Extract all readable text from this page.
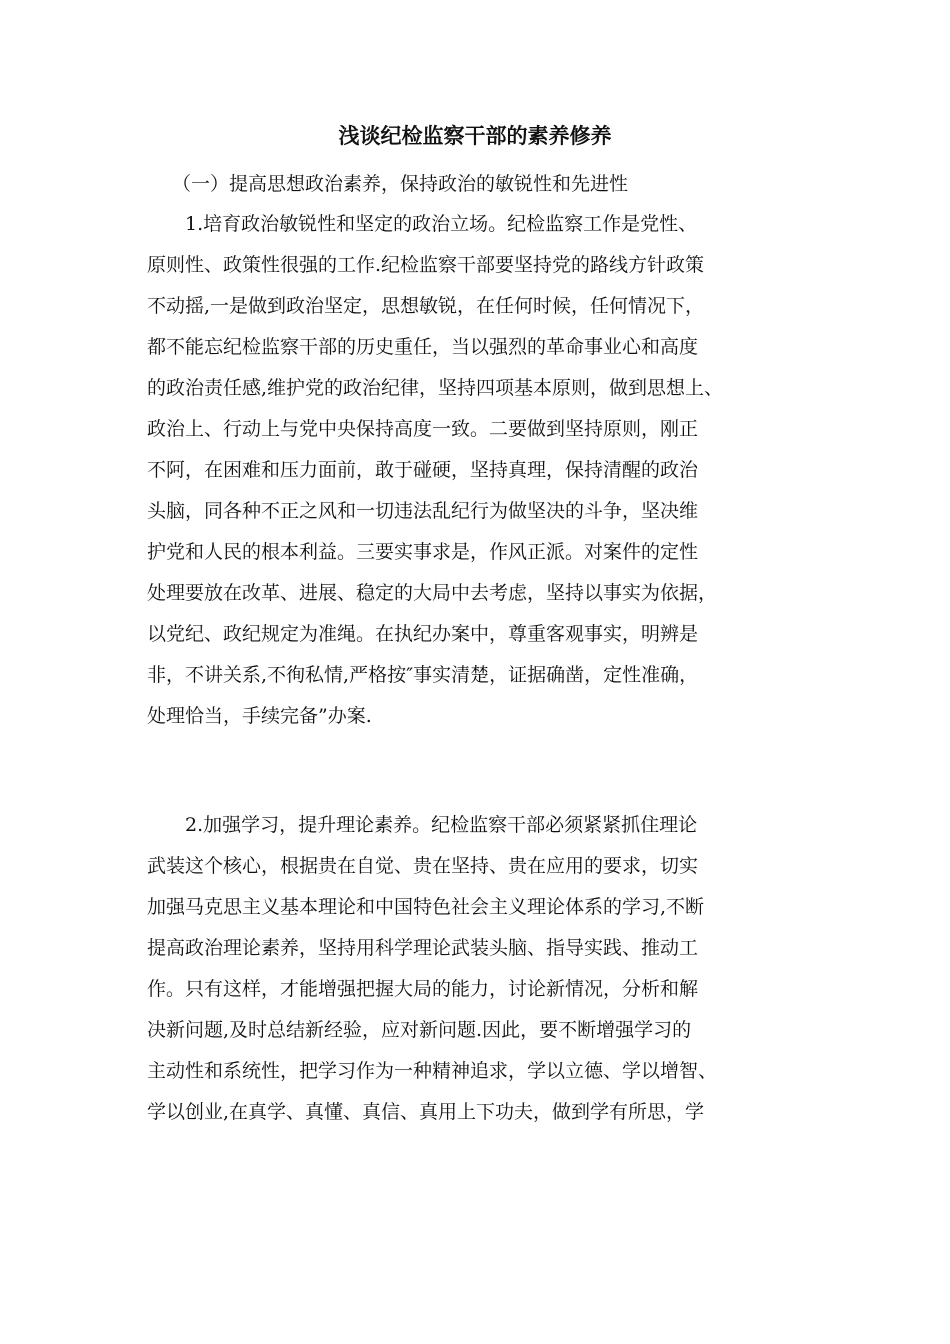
浅谈纪检监察干部的素养修养

（一）提高思想政治素养，保持政治的敏锐性和先进性

1.培育政治敏锐性和坚定的政治立场。纪检监察工作是党性、
原则性、政策性很强的工作.纪检监察干部要坚持党的路线方针政策
不动摇,一是做到政治坚定，思想敏锐，在任何时候，任何情况下，
都不能忘纪检监察干部的历史重任，当以强烈的革命事业心和高度
的政治责任感,维护党的政治纪律，坚持四项基本原则，做到思想上、
政治上、行动上与党中央保持高度一致。二要做到坚持原则，刚正
不阿，在困难和压力面前，敢于碰硬，坚持真理，保持清醒的政治
头脑，同各种不正之风和一切违法乱纪行为做坚决的斗争，坚决维
护党和人民的根本利益。三要实事求是，作风正派。对案件的定性
处理要放在改革、进展、稳定的大局中去考虑，坚持以事实为依据，
以党纪、政纪规定为准绳。在执纪办案中，尊重客观事实，明辨是
非，不讲关系,不徇私情,严格按″事实清楚，证据确凿，定性准确，
处理恰当，手续完备”办案.
2.加强学习，提升理论素养。纪检监察干部必须紧紧抓住理论
武装这个核心，根据贵在自觉、贵在坚持、贵在应用的要求，切实
加强马克思主义基本理论和中国特色社会主义理论体系的学习,不断
提高政治理论素养，坚持用科学理论武装头脑、指导实践、推动工
作。只有这样，才能增强把握大局的能力，讨论新情况，分析和解
决新问题,及时总结新经验，应对新问题.因此，要不断增强学习的
主动性和系统性，把学习作为一种精神追求，学以立德、学以增智、
学以创业,在真学、真懂、真信、真用上下功夫，做到学有所思，学
